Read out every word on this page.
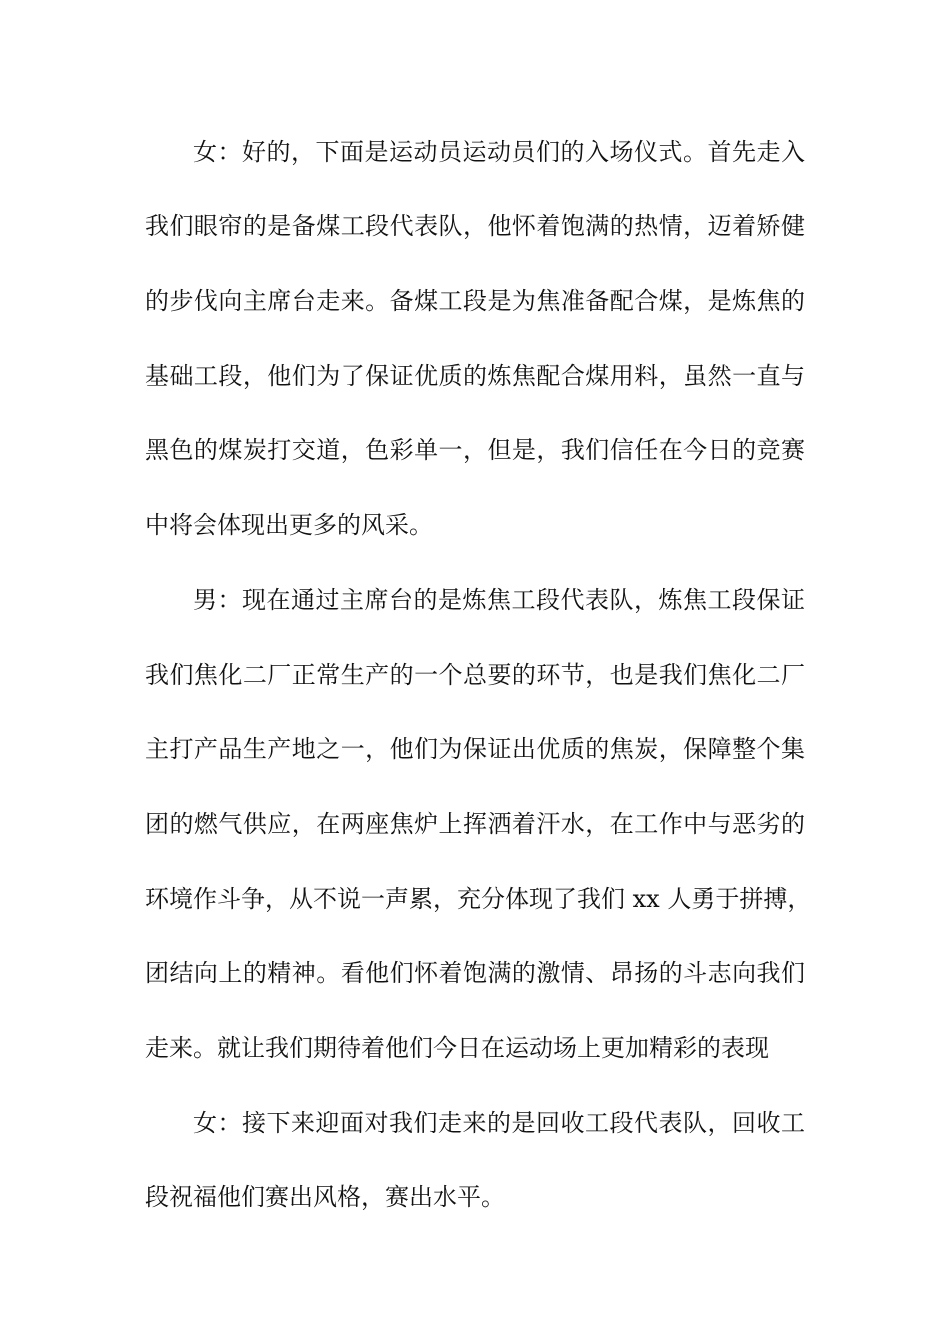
女：好的，下面是运动员运动员们的入场仪式。首先走入
我们眼帘的是备煤工段代表队，他怀着饱满的热情，迈着矫健
的步伐向主席台走来。备煤工段是为焦准备配合煤，是炼焦的
基础工段，他们为了保证优质的炼焦配合煤用料，虽然一直与
黑色的煤炭打交道，色彩单一，但是，我们信任在今日的竞赛
中将会体现出更多的风采。
男：现在通过主席台的是炼焦工段代表队，炼焦工段保证
我们焦化二厂正常生产的一个总要的环节，也是我们焦化二厂
主打产品生产地之一，他们为保证出优质的焦炭，保障整个集
团的燃气供应，在两座焦炉上挥洒着汗水，在工作中与恶劣的
环境作斗争，从不说一声累，充分体现了我们 xx 人勇于拼搏，
团结向上的精神。看他们怀着饱满的激情、昂扬的斗志向我们
走来。就让我们期待着他们今日在运动场上更加精彩的表现
女：接下来迎面对我们走来的是回收工段代表队，回收工
段祝福他们赛出风格，赛出水平。
